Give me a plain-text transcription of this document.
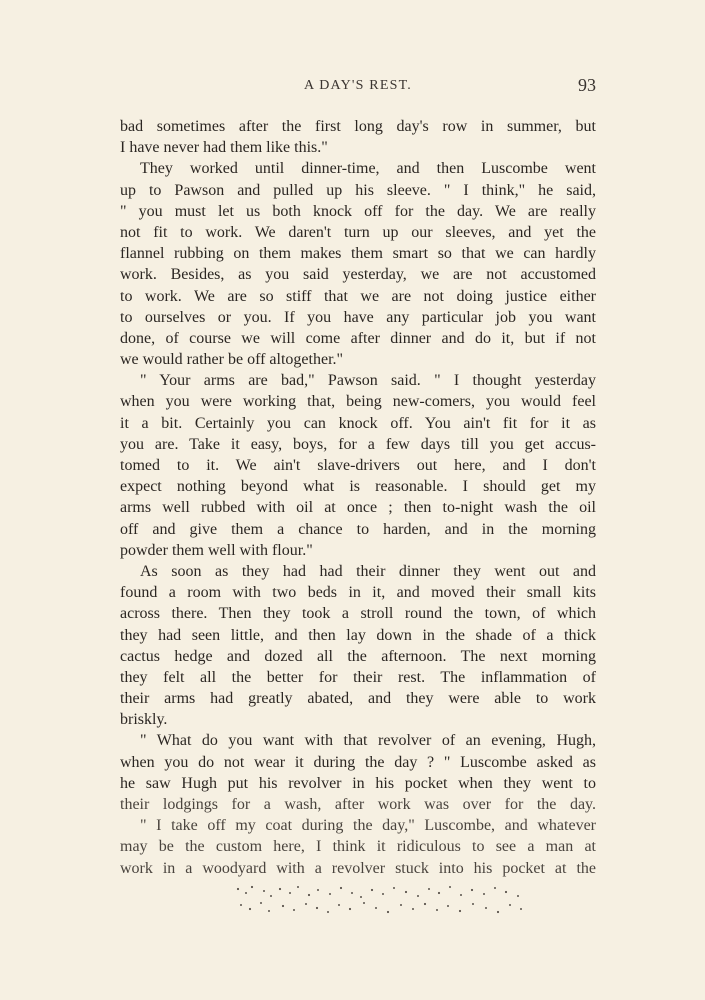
A DAY'S REST.	93
bad sometimes after the first long day's row in summer, but
I have never had them like this."
They worked until dinner-time, and then Luscombe went
up to Pawson and pulled up his sleeve. " I think," he said,
" you must let us both knock off for the day. We are really
not fit to work. We daren't turn up our sleeves, and yet the
flannel rubbing on them makes them smart so that we can hardly
work. Besides, as you said yesterday, we are not accustomed
to work. We are so stiff that we are not doing justice either
to ourselves or you. If you have any particular job you want
done, of course we will come after dinner and do it, but if not
we would rather be off altogether."
" Your arms are bad," Pawson said. " I thought yesterday
when you were working that, being new-comers, you would feel
it a bit. Certainly you can knock off. You ain't fit for it as
you are. Take it easy, boys, for a few days till you get accus-
tomed to it. We ain't slave-drivers out here, and I don't
expect nothing beyond what is reasonable. I should get my
arms well rubbed with oil at once ; then to-night wash the oil
off and give them a chance to harden, and in the morning
powder them well with flour."
As soon as they had had their dinner they went out and
found a room with two beds in it, and moved their small kits
across there. Then they took a stroll round the town, of which
they had seen little, and then lay down in the shade of a thick
cactus hedge and dozed all the afternoon. The next morning
they felt all the better for their rest. The inflammation of
their arms had greatly abated, and they were able to work
briskly.
" What do you want with that revolver of an evening, Hugh,
when you do not wear it during the day ? " Luscombe asked as
he saw Hugh put his revolver in his pocket when they went to
their lodgings for a wash, after work was over for the day.
" I take off my coat during the day," Luscombe, and whatever
may be the custom here, I think it ridiculous to see a man at
work in a woodyard with a revolver stuck into his pocket at the
